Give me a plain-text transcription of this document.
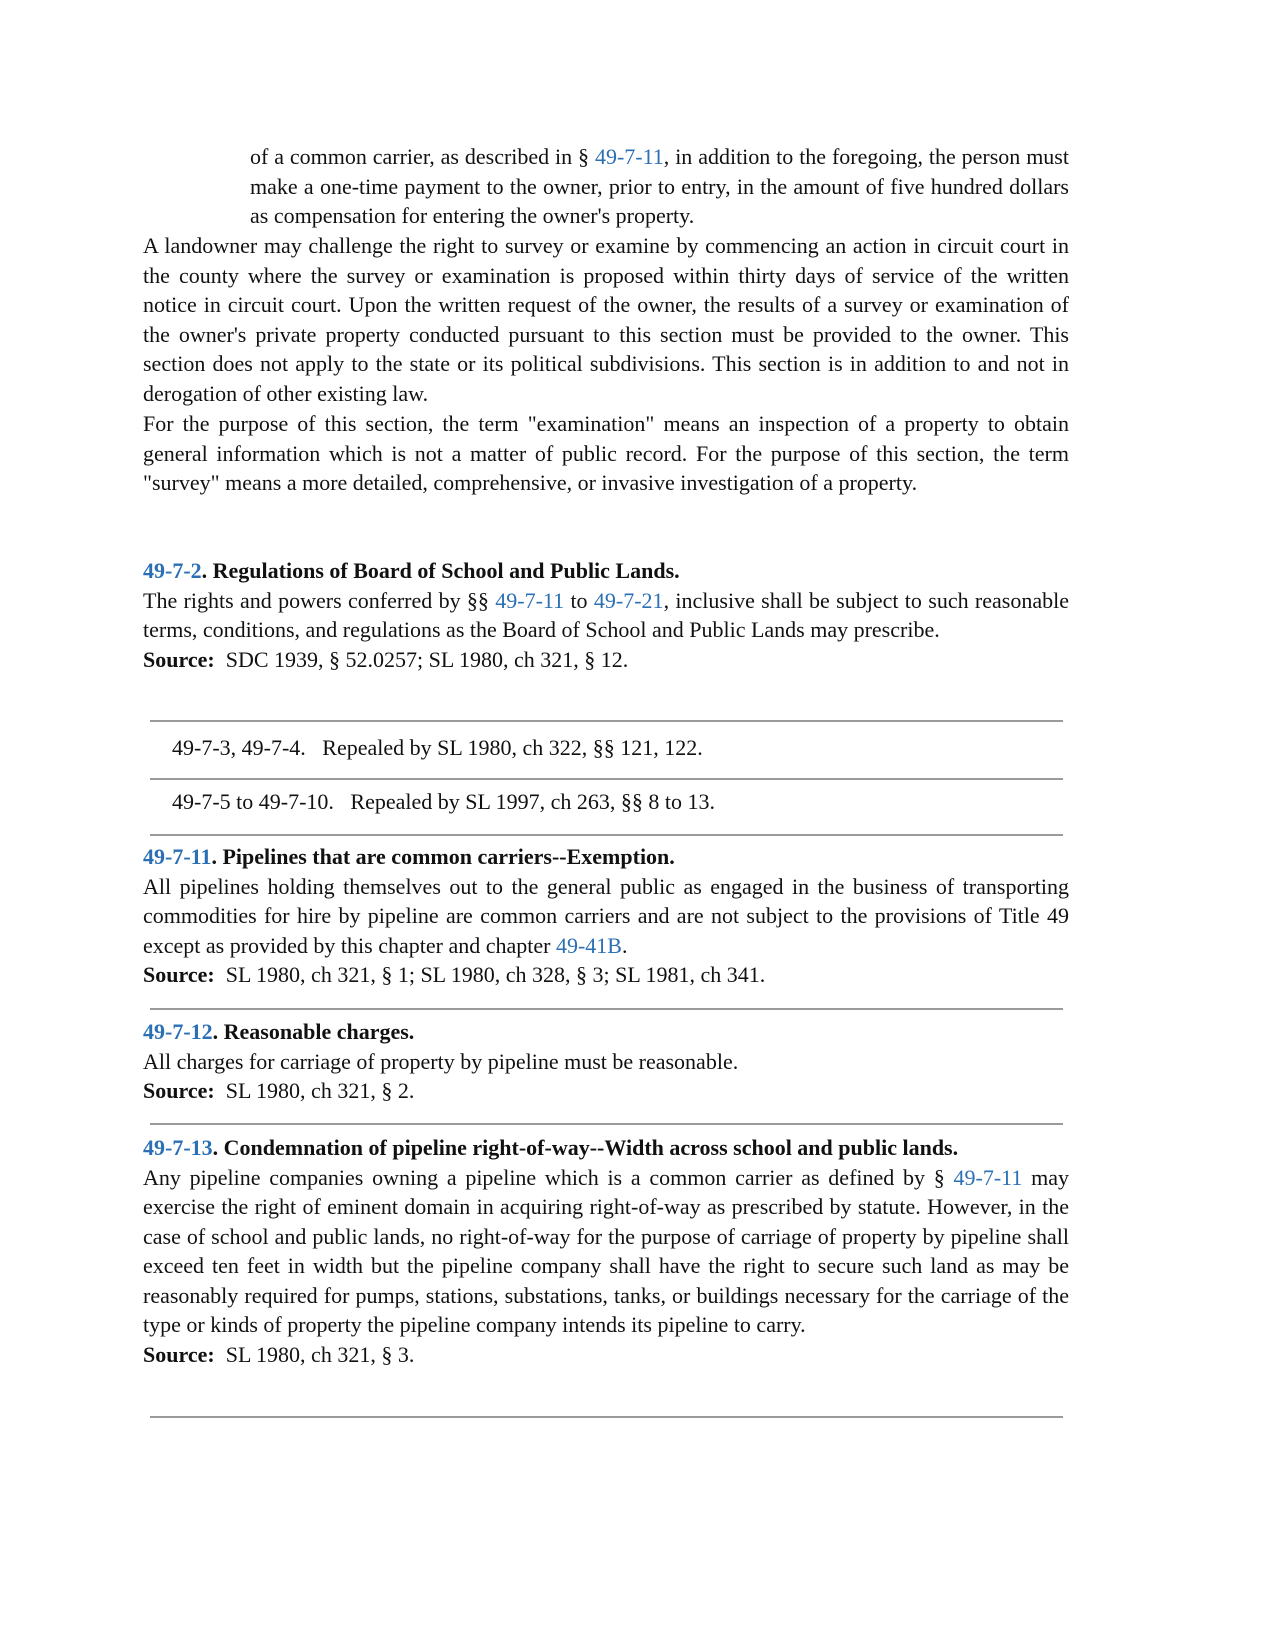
of a common carrier, as described in § 49-7-11, in addition to the foregoing, the person must make a one-time payment to the owner, prior to entry, in the amount of five hundred dollars as compensation for entering the owner's property.
A landowner may challenge the right to survey or examine by commencing an action in circuit court in the county where the survey or examination is proposed within thirty days of service of the written notice in circuit court. Upon the written request of the owner, the results of a survey or examination of the owner's private property conducted pursuant to this section must be provided to the owner. This section does not apply to the state or its political subdivisions. This section is in addition to and not in derogation of other existing law.
For the purpose of this section, the term "examination" means an inspection of a property to obtain general information which is not a matter of public record. For the purpose of this section, the term "survey" means a more detailed, comprehensive, or invasive investigation of a property.
49-7-2. Regulations of Board of School and Public Lands.
The rights and powers conferred by §§ 49-7-11 to 49-7-21, inclusive shall be subject to such reasonable terms, conditions, and regulations as the Board of School and Public Lands may prescribe.
Source:  SDC 1939, § 52.0257; SL 1980, ch 321, § 12.
49-7-3, 49-7-4.   Repealed by SL 1980, ch 322, §§ 121, 122.
49-7-5 to 49-7-10.   Repealed by SL 1997, ch 263, §§ 8 to 13.
49-7-11. Pipelines that are common carriers--Exemption.
All pipelines holding themselves out to the general public as engaged in the business of transporting commodities for hire by pipeline are common carriers and are not subject to the provisions of Title 49 except as provided by this chapter and chapter 49-41B.
Source:  SL 1980, ch 321, § 1; SL 1980, ch 328, § 3; SL 1981, ch 341.
49-7-12. Reasonable charges.
All charges for carriage of property by pipeline must be reasonable.
Source:  SL 1980, ch 321, § 2.
49-7-13. Condemnation of pipeline right-of-way--Width across school and public lands.
Any pipeline companies owning a pipeline which is a common carrier as defined by § 49-7-11 may exercise the right of eminent domain in acquiring right-of-way as prescribed by statute. However, in the case of school and public lands, no right-of-way for the purpose of carriage of property by pipeline shall exceed ten feet in width but the pipeline company shall have the right to secure such land as may be reasonably required for pumps, stations, substations, tanks, or buildings necessary for the carriage of the type or kinds of property the pipeline company intends its pipeline to carry.
Source:  SL 1980, ch 321, § 3.
